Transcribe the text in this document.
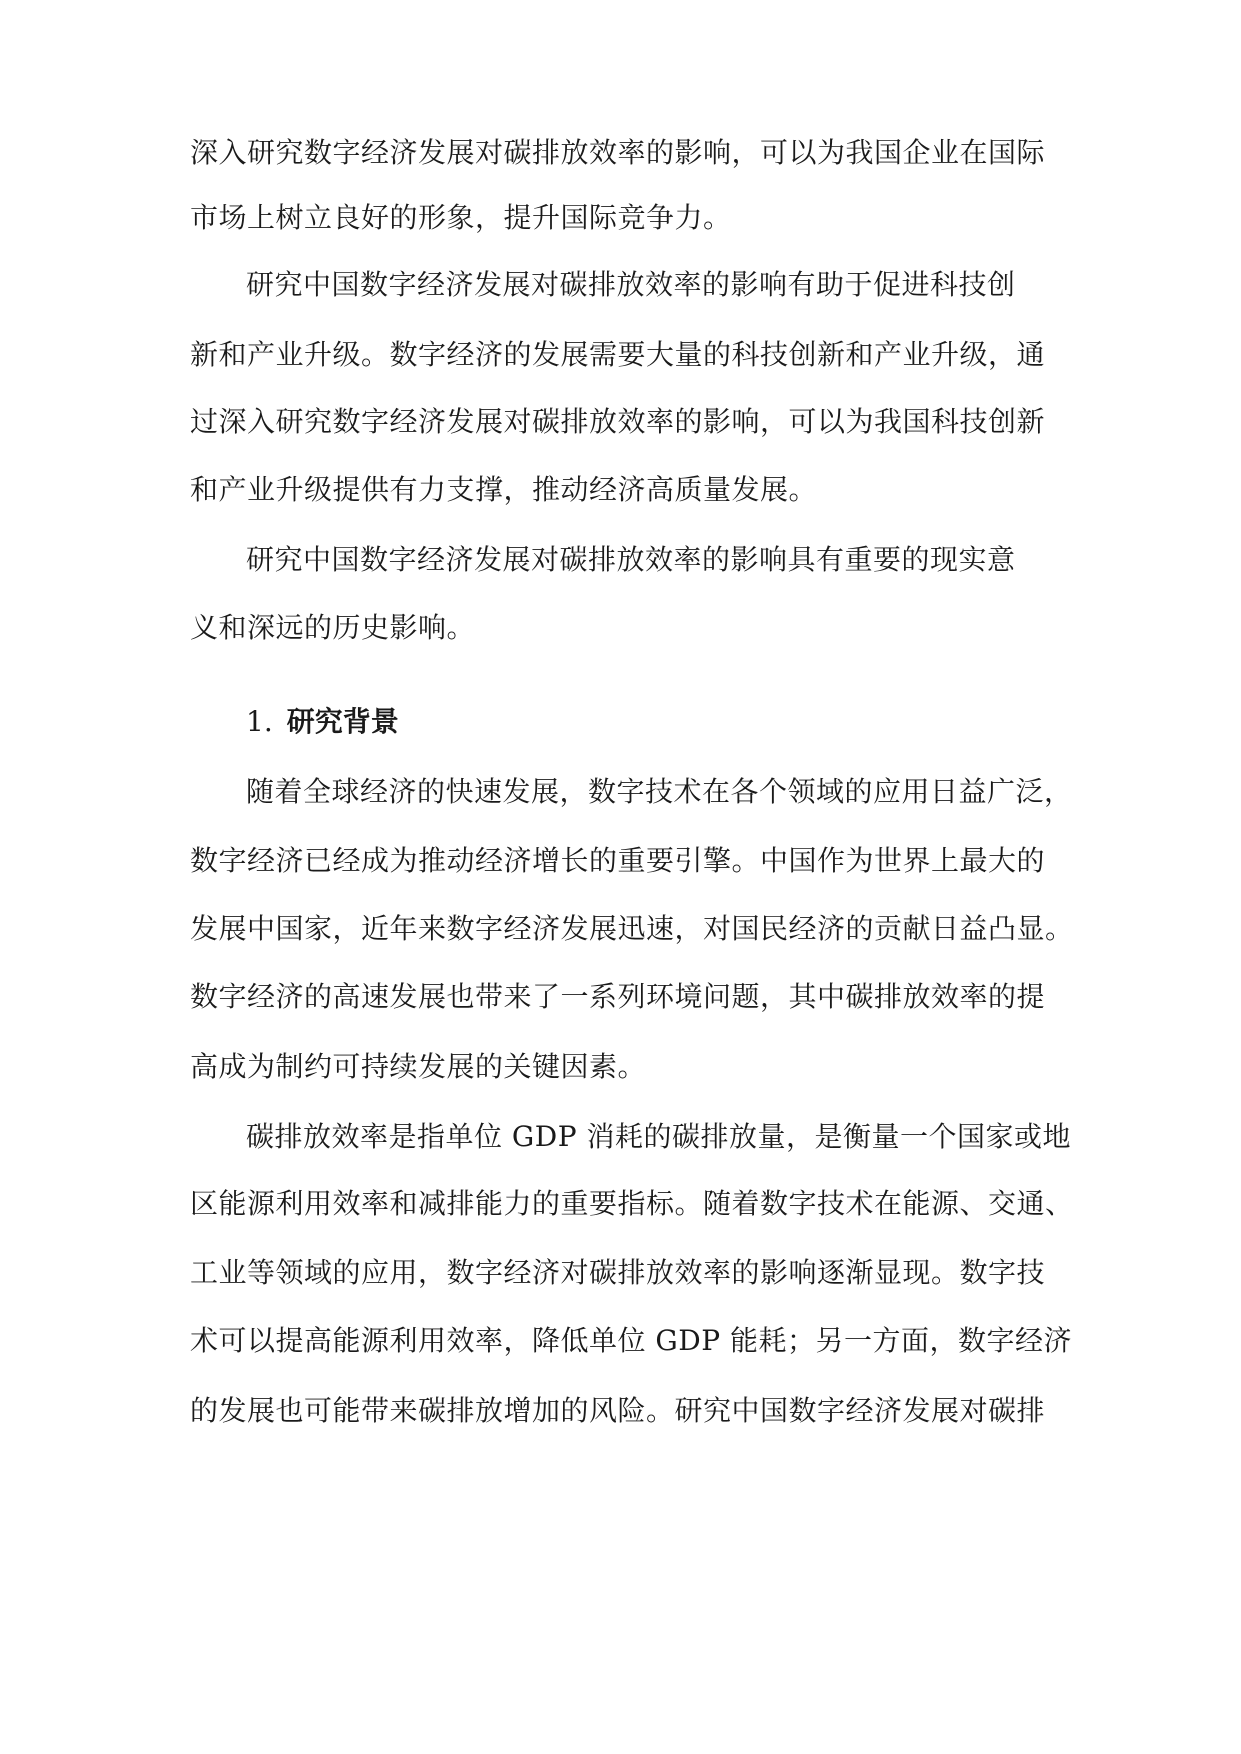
深入研究数字经济发展对碳排放效率的影响，可以为我国企业在国际
市场上树立良好的形象，提升国际竞争力。
研究中国数字经济发展对碳排放效率的影响有助于促进科技创
新和产业升级。数字经济的发展需要大量的科技创新和产业升级，通
过深入研究数字经济发展对碳排放效率的影响，可以为我国科技创新
和产业升级提供有力支撑，推动经济高质量发展。
研究中国数字经济发展对碳排放效率的影响具有重要的现实意
义和深远的历史影响。
1. 研究背景
随着全球经济的快速发展，数字技术在各个领域的应用日益广泛，
数字经济已经成为推动经济增长的重要引擎。中国作为世界上最大的
发展中国家，近年来数字经济发展迅速，对国民经济的贡献日益凸显。
数字经济的高速发展也带来了一系列环境问题，其中碳排放效率的提
高成为制约可持续发展的关键因素。
碳排放效率是指单位 GDP 消耗的碳排放量，是衡量一个国家或地
区能源利用效率和减排能力的重要指标。随着数字技术在能源、交通、
工业等领域的应用，数字经济对碳排放效率的影响逐渐显现。数字技
术可以提高能源利用效率，降低单位 GDP 能耗；另一方面，数字经济
的发展也可能带来碳排放增加的风险。研究中国数字经济发展对碳排
